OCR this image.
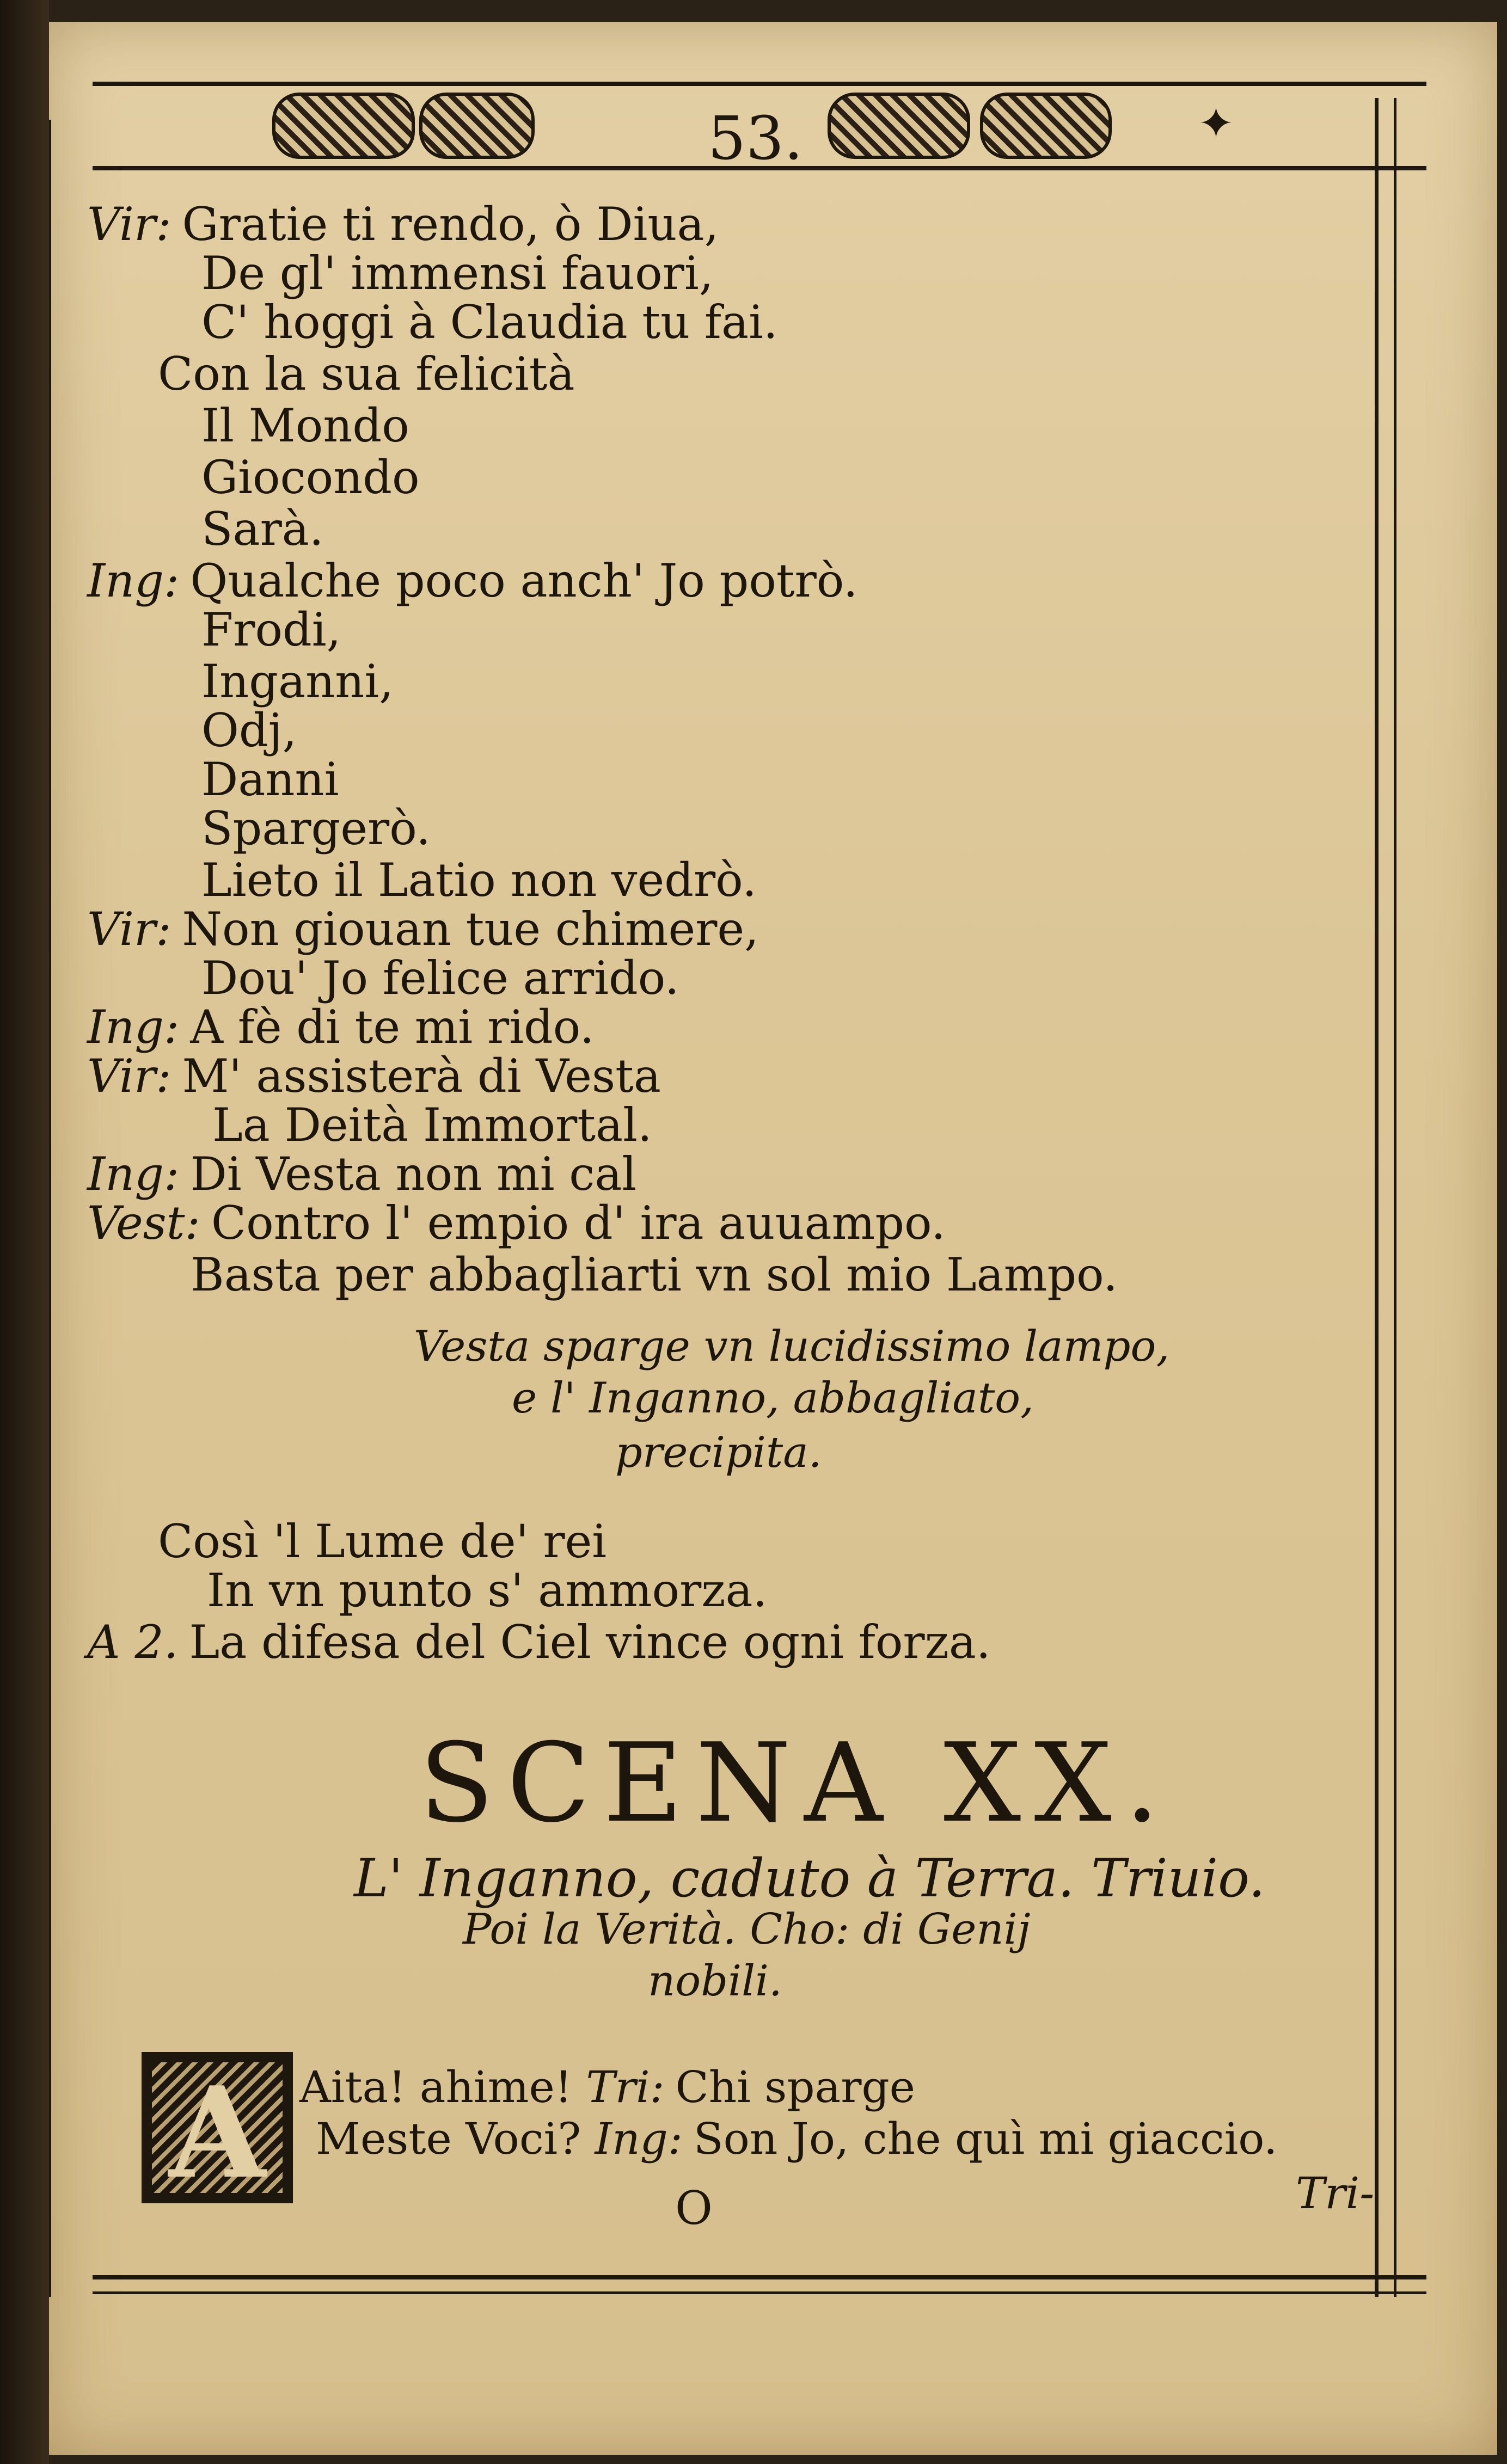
53.	✦
Vir: Gratie ti rendo, ò Diua,
De gl' immensi fauori,
C' hoggi à Claudia tu fai.
Con la sua felicità
Il Mondo
Giocondo
Sarà.
Ing: Qualche poco anch' Jo potrò.
Frodi,
Inganni,
Odj,
Danni
Spargerò.
Lieto il Latio non vedrò.
Vir: Non giouan tue chimere,
Dou' Jo felice arrido.
Ing: A fè di te mi rido.
Vir: M' assisterà di Vesta
La Deità Immortal.
Ing: Di Vesta non mi cal
Vest: Contro l' empio d' ira auuampo.
Basta per abbagliarti vn sol mio Lampo.
Vesta sparge vn lucidissimo lampo,
e l' Inganno, abbagliato,
precipita.
Così 'l Lume de' rei
In vn punto s' ammorza.
A 2. La difesa del Ciel vince ogni forza.
SCENA XX.
L' Inganno, caduto à Terra. Triuio.
Poi la Verità. Cho: di Genij
nobili.
A Aita! ahime! Tri: Chi sparge
Meste Voci? Ing: Son Jo, che quì mi giaccio.
O	Tri-
